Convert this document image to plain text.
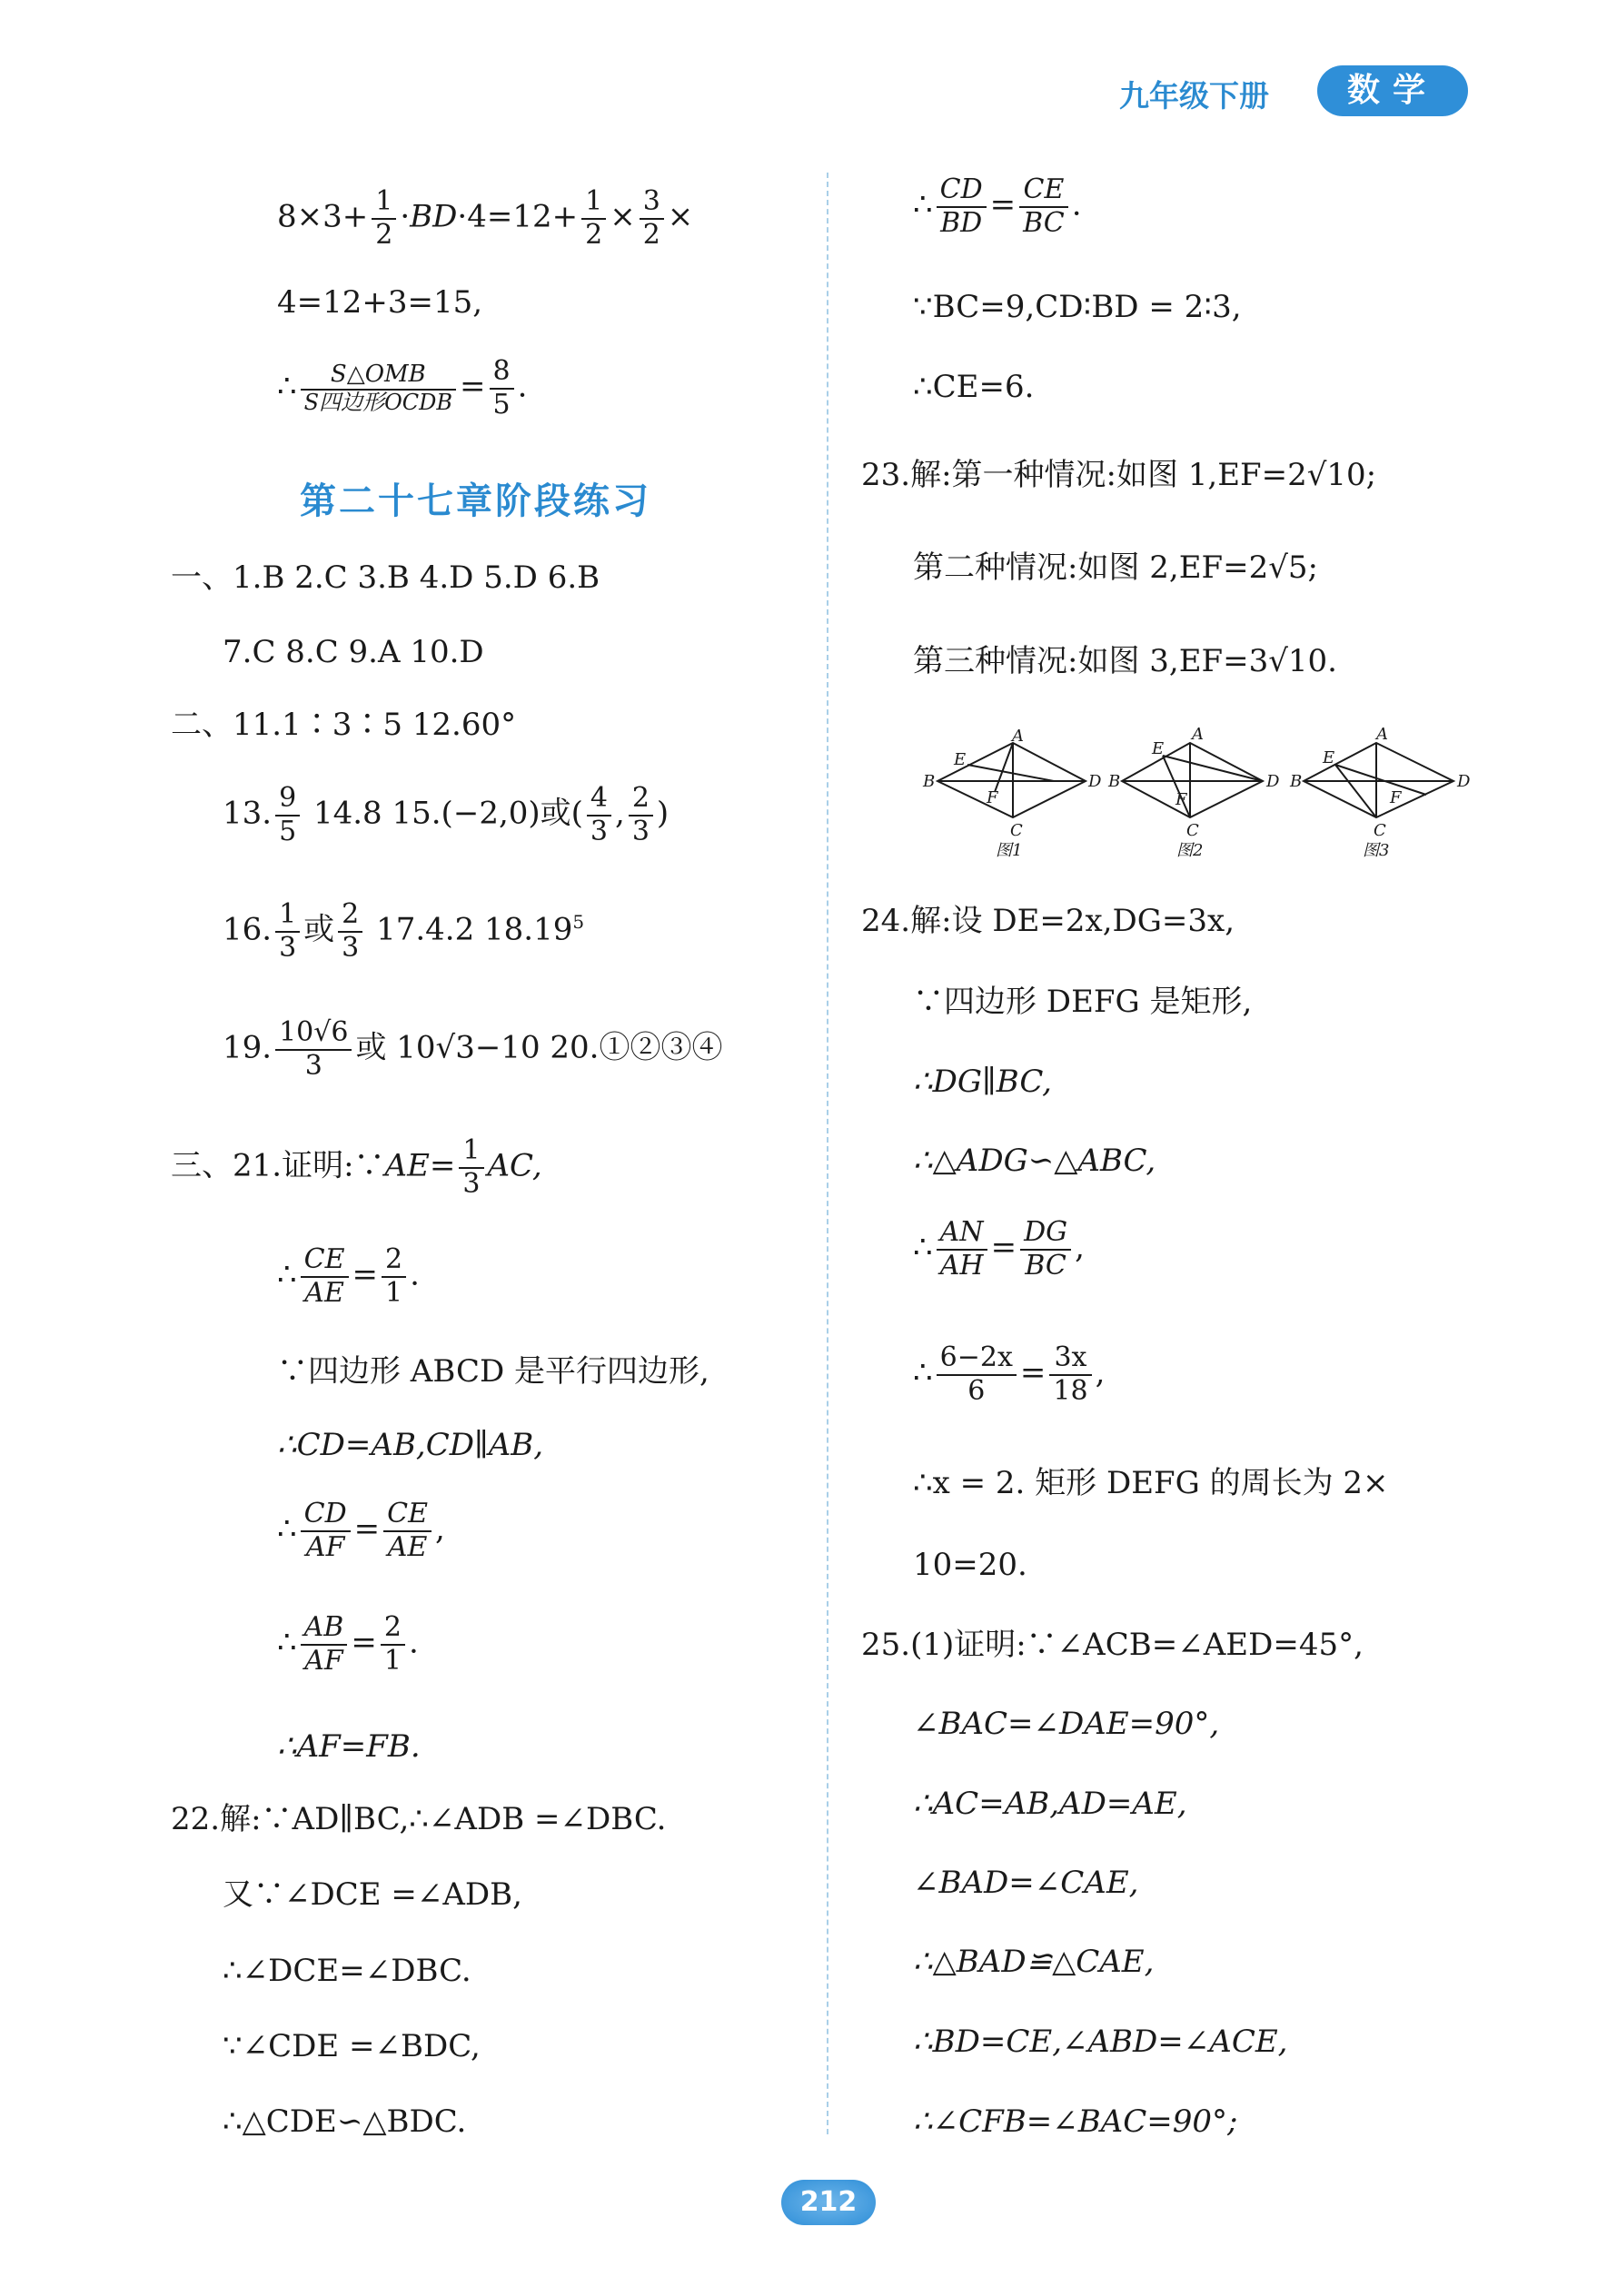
九年级下册	数学
$8\times 3+ \frac{1}{2} \cdot BD\cdot 4=12+ \frac{1}{2} \times \frac{3}{2}$ ×
4=12+3=15,
∴ $\frac{\text{S△OMB}}{\text{S四边形OCDB}} = \frac{8}{5}$ .
第二十七章阶段练习
一、1.B 2.C 3.B 4.D 5.D 6.B
7.C 8.C 9.A 10.D
二、11.1∶3∶5 12.60°
13. $\frac{9}{5} 14.8$ 15.(−2,0)或( $\frac{4}{3}$ , $\frac{2}{3}$ )
16. $\frac{1}{3}$ 或 $\frac{2}{3} 17.4.2$ 18.19$^5$
19. $\frac{10√6}{3}$ 或 10√3−10 20.①②③④
三、21.证明:∵AE= $\frac{1}{3}$ AC,
∴ $\frac{CE}{AE} = \frac{2}{1}$ .
∵四边形 ABCD 是平行四边形,
∴CD=AB,CD∥AB,
∴ $\frac{CD}{AF} = \frac{CE}{AE}$ ,
∴ $\frac{AB}{AF} = \frac{2}{1}$ .
∴AF=FB.
22.解:∵AD∥BC,∴∠ADB =∠DBC.
又∵∠DCE =∠ADB,
∴∠DCE=∠DBC.
∵∠CDE =∠BDC,
∴△CDE∽△BDC.
∴ $\frac{CD}{BD} = \frac{CE}{BC}$ .
∵BC=9,CD∶BD = 2∶3,
∴CE=6.
23.解:第一种情况:如图 1,EF=2√10;
第二种情况:如图 2,EF=2√5;
第三种情况:如图 3,EF=3√10.
A
B
C
D
E
F
图1
A
B
C
D
E
F
图2
A
B
C
D
E
F
图3
24.解:设 DE=2x,DG=3x,
∵四边形 DEFG 是矩形,
∴DG∥BC,
∴△ADG∽△ABC,
∴ $\frac{AN}{AH} = \frac{DG}{BC}$ ,
∴ $\frac{6-2x}{6} = \frac{3x}{18}$ ,
∴x = 2. 矩形 DEFG 的周长为 2×
10=20.
25.(1)证明:∵∠ACB=∠AED=45°,
∠BAC=∠DAE=90°,
∴AC=AB,AD=AE,
∠BAD=∠CAE,
∴△BAD≌△CAE,
∴BD=CE,∠ABD=∠ACE,
∴∠CFB=∠BAC=90°;
212
